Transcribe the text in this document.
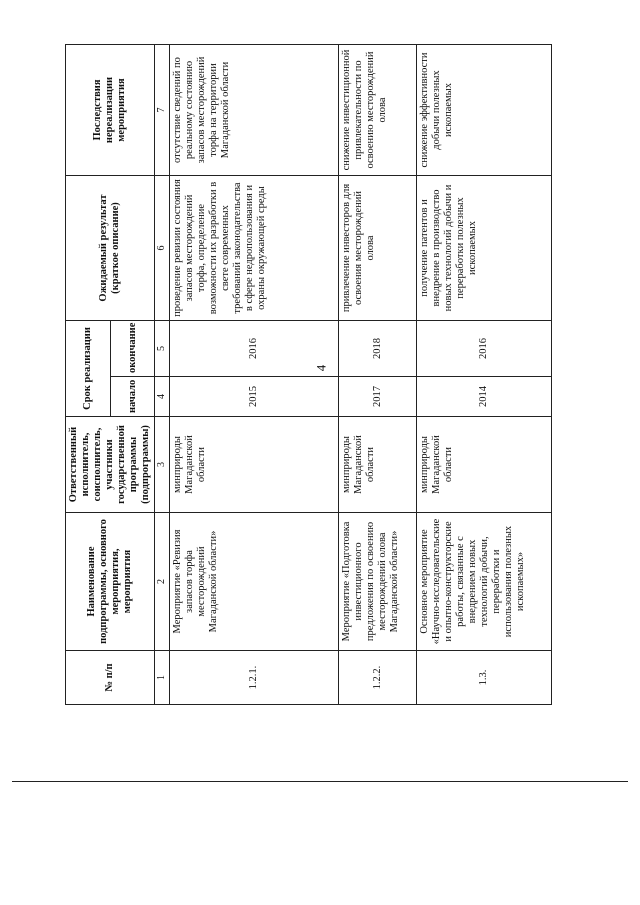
4
№ п/п	Наименование подпрограммы, основного мероприятия, мероприятия	Ответственный исполнитель, соисполнитель, участники государственной программы (подпрограммы)	Срок реализации		Ожидаемый результат (краткое описание)	Последствия нереализации мероприятия
			начало	окончание		
1	2	3	4	5	6	7
1.2.1.	Мероприятие «Ревизия запасов торфа месторождений Магаданской области»	минприроды Магаданской области	2015	2016	проведение ревизии состояния запасов месторождений торфа, определение возможности их разработки в свете современных требований законодательства в сфере недропользования и охраны окружающей среды	отсутствие сведений по реальному состоянию запасов месторождений торфа на территории Магаданской области
1.2.2.	Мероприятие «Подготовка инвестиционного предложения по освоению месторождений олова Магаданской области»	минприроды Магаданской области	2017	2018	привлечение инвесторов для освоения месторождений олова	снижение инвестиционной привлекательности по освоению месторождений олова
1.3.	Основное мероприятие «Научно-исследовательские и опытно-конструкторские работы, связанные с внедрением новых технологий добычи, переработки и использования полезных ископаемых»	минприроды Магаданской области	2014	2016	получение патентов и внедрение в производство новых технологий добычи и переработки полезных ископаемых	снижение эффективности добычи полезных ископаемых
